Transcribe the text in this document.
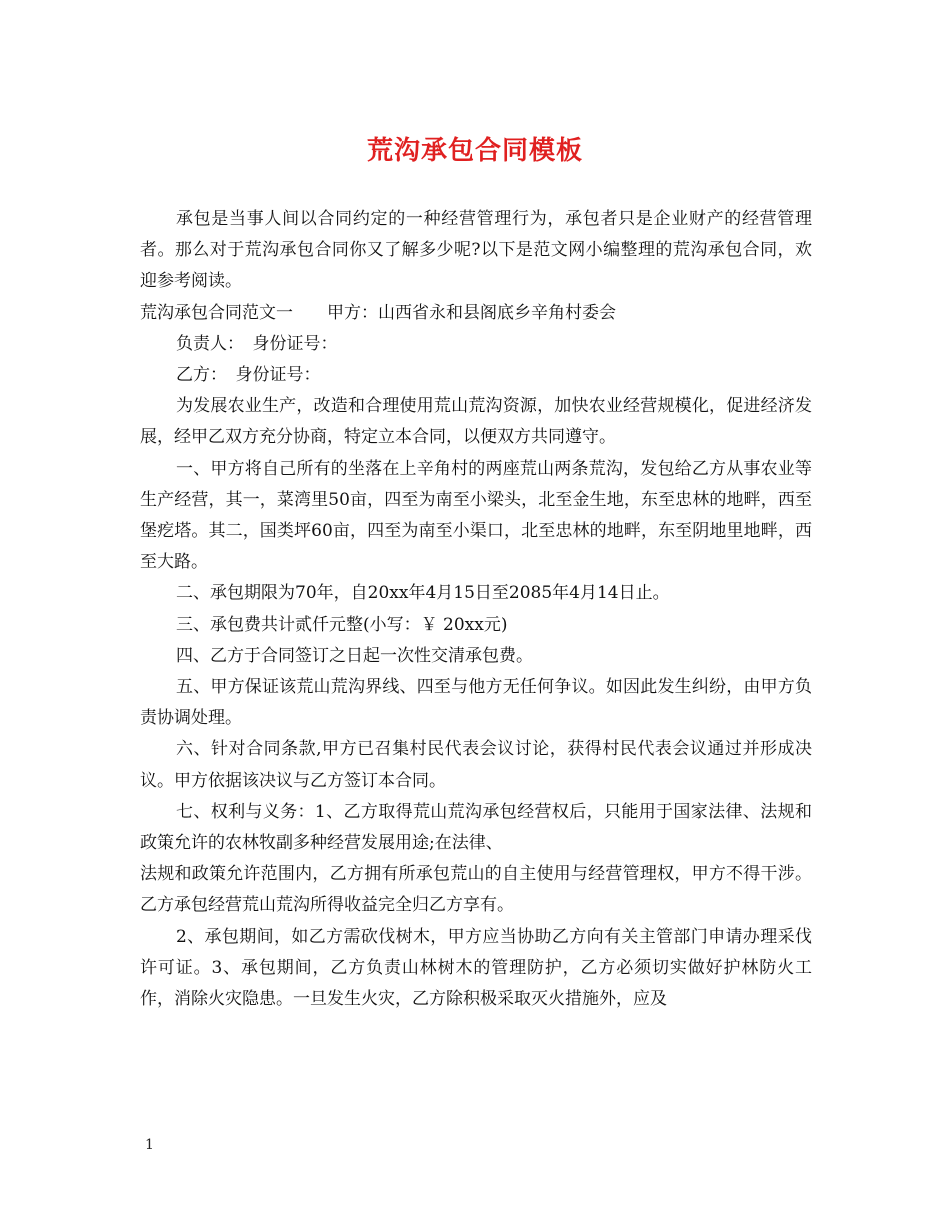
荒沟承包合同模板

承包是当事人间以合同约定的一种经营管理行为，承包者只是企业财产的经营管理者。那么对于荒沟承包合同你又了解多少呢?以下是范文网小编整理的荒沟承包合同，欢迎参考阅读。

荒沟承包合同范文一　　甲方：山西省永和县阁底乡辛角村委会

负责人：　身份证号：

乙方：　身份证号：

为发展农业生产，改造和合理使用荒山荒沟资源，加快农业经营规模化，促进经济发展，经甲乙双方充分协商，特定立本合同，以便双方共同遵守。

一、甲方将自己所有的坐落在上辛角村的两座荒山两条荒沟，发包给乙方从事农业等生产经营，其一，菜湾里50亩，四至为南至小梁头，北至金生地，东至忠林的地畔，西至堡疙塔。其二，国类坪60亩，四至为南至小渠口，北至忠林的地畔，东至阴地里地畔，西至大路。

二、承包期限为70年，自20xx年4月15日至2085年4月14日止。

三、承包费共计贰仟元整(小写：￥ 20xx元)

四、乙方于合同签订之日起一次性交清承包费。

五、甲方保证该荒山荒沟界线、四至与他方无任何争议。如因此发生纠纷，由甲方负责协调处理。

六、针对合同条款,甲方已召集村民代表会议讨论，获得村民代表会议通过并形成决议。甲方依据该决议与乙方签订本合同。

七、权利与义务：1、乙方取得荒山荒沟承包经营权后，只能用于国家法律、法规和政策允许的农林牧副多种经营发展用途;在法律、

法规和政策允许范围内，乙方拥有所承包荒山的自主使用与经营管理权，甲方不得干涉。乙方承包经营荒山荒沟所得收益完全归乙方享有。

2、承包期间，如乙方需砍伐树木，甲方应当协助乙方向有关主管部门申请办理采伐许可证。3、承包期间，乙方负责山林树木的管理防护，乙方必须切实做好护林防火工作，消除火灾隐患。一旦发生火灾，乙方除积极采取灭火措施外，应及

1
